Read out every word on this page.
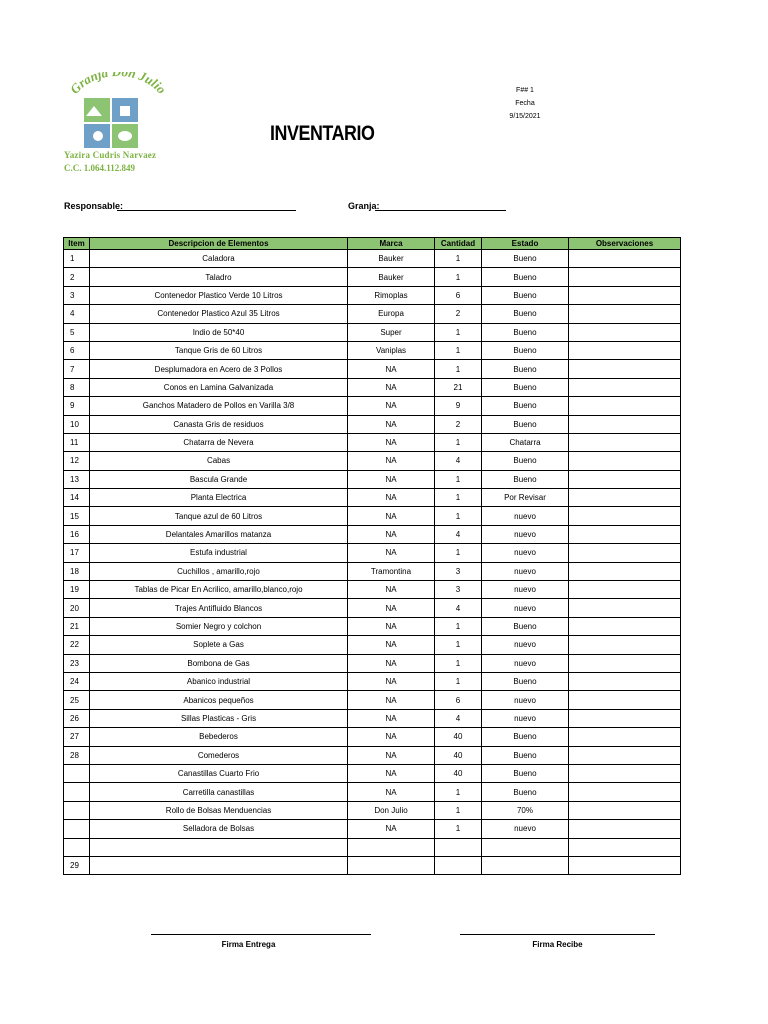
Granja n Julio
Yazira Cudris Narvaez
C.C. 1.064.112.849
F## 1
Fecha
9/15/2021
INVENTARIO
Responsable:	Granja:
Item	Descripcion de Elementos	Marca	Cantidad	Estado	Observaciones
1	Caladora	Bauker	1	Bueno	
2	Taladro	Bauker	1	Bueno	
3	Contenedor Plastico Verde 10 Litros	Rimoplas	6	Bueno	
4	Contenedor Plastico Azul 35 Litros	Europa	2	Bueno	
5	Indio de 50*40	Super	1	Bueno	
6	Tanque Gris de 60 Litros	Vaniplas	1	Bueno	
7	Desplumadora en Acero de 3 Pollos	NA	1	Bueno	
8	Conos en Lamina Galvanizada	NA	21	Bueno	
9	Ganchos Matadero de Pollos en Varilla 3/8	NA	9	Bueno	
10	Canasta Gris de residuos	NA	2	Bueno	
11	Chatarra de Nevera	NA	1	Chatarra	
12	Cabas	NA	4	Bueno	
13	Bascula Grande	NA	1	Bueno	
14	Planta Electrica	NA	1	Por Revisar	
15	Tanque azul de 60 Litros	NA	1	nuevo	
16	Delantales Amarillos matanza	NA	4	nuevo	
17	Estufa industrial	NA	1	nuevo	
18	Cuchillos , amarillo,rojo	Tramontina	3	nuevo	
19	Tablas de Picar En Acrilico, amarillo,blanco,rojo	NA	3	nuevo	
20	Trajes Antifluido Blancos	NA	4	nuevo	
21	Somier Negro y colchon	NA	1	Bueno	
22	Soplete a Gas	NA	1	nuevo	
23	Bombona de Gas	NA	1	nuevo	
24	Abanico industrial	NA	1	Bueno	
25	Abanicos pequeños	NA	6	nuevo	
26	Sillas Plasticas - Gris	NA	4	nuevo	
27	Bebederos	NA	40	Bueno	
28	Comederos	NA	40	Bueno	
	Canastillas Cuarto Frio	NA	40	Bueno	
	Carretilla canastillas	NA	1	Bueno	
	Rollo de Bolsas Menduencias	Don Julio	1	70%	
	Selladora de Bolsas	NA	1	nuevo	

29					
Firma Entrega	Firma Recibe
